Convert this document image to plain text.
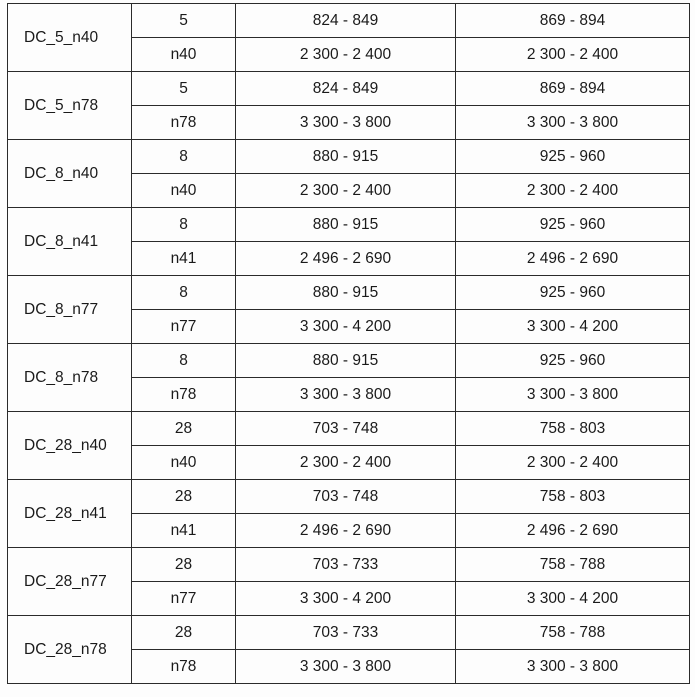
DC_5_n40	5	824 - 849	869 - 894
	n40	2 300 - 2 400	2 300 - 2 400
DC_5_n78	5	824 - 849	869 - 894
	n78	3 300 - 3 800	3 300 - 3 800
DC_8_n40	8	880 - 915	925 - 960
	n40	2 300 - 2 400	2 300 - 2 400
DC_8_n41	8	880 - 915	925 - 960
	n41	2 496 - 2 690	2 496 - 2 690
DC_8_n77	8	880 - 915	925 - 960
	n77	3 300 - 4 200	3 300 - 4 200
DC_8_n78	8	880 - 915	925 - 960
	n78	3 300 - 3 800	3 300 - 3 800
DC_28_n40	28	703 - 748	758 - 803
	n40	2 300 - 2 400	2 300 - 2 400
DC_28_n41	28	703 - 748	758 - 803
	n41	2 496 - 2 690	2 496 - 2 690
DC_28_n77	28	703 - 733	758 - 788
	n77	3 300 - 4 200	3 300 - 4 200
DC_28_n78	28	703 - 733	758 - 788
	n78	3 300 - 3 800	3 300 - 3 800
